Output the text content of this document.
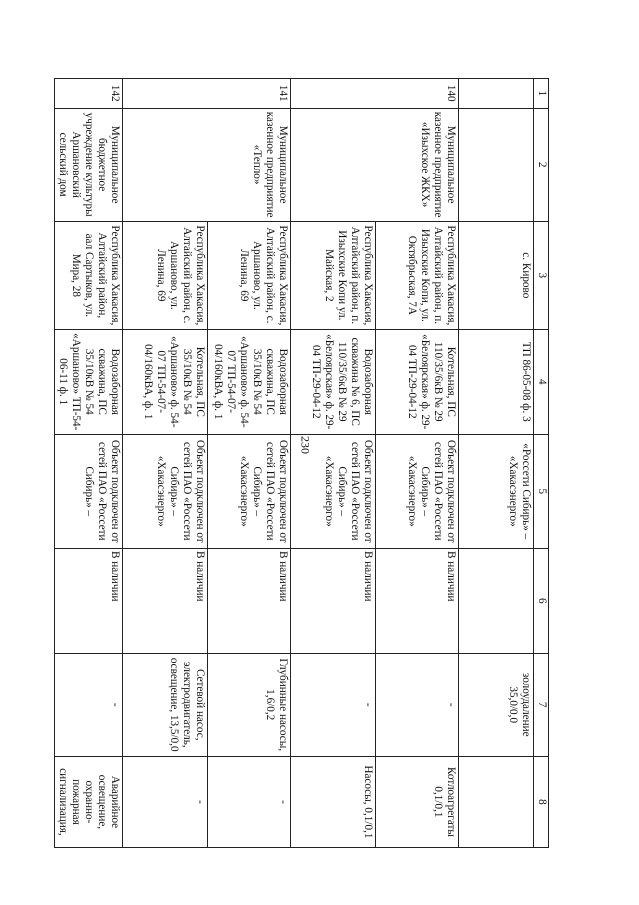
230
1	2	3	4	5	6	7	8
		с. Кирово	ТП 86-05-08 ф. 3	«Россети Сибирь» – «Хакасэнерго»		золоудаление 35,0/0,0	
140	Муниципальное казенное предприятие «Изыхское ЖКХ»	Республика Хакасия, Алтайский район, п. Изыхские Копи, ул. Октябрьская, 7А	Котельная, ПС 110/35/6кВ № 29 «Белоярская» ф. 29-04 ТП-29-04-12	Объект подключен от сетей ПАО «Россети Сибирь» – «Хакасэнерго»	В наличии	-	Котлоагрегаты 0,1/0,1
		Республика Хакасия, Алтайский район, п. Изыхские Копи ул. Майская, 2	Водозаборная скважина № 6, ПС 110/35/6кВ № 29 «Белоярская» ф. 29-04 ТП-29-04-12	Объект подключен от сетей ПАО «Россети Сибирь» – «Хакасэнерго»	В наличии	-	Насосы, 0,1/0,1
141	Муниципальное казенное предприятие «Тепло»	Республика Хакасия, Алтайский район, с. Аршаново, ул. Ленина, 69	Водозаборная скважина, ПС 35/10кВ № 54 «Аршаново» ф. 54-07 ТП-54-07-04/160кВА, ф. 1	Объект подключен от сетей ПАО «Россети Сибирь» – «Хакасэнерго»	В наличии	Глубинные насосы, 1,6/0,2	-
		Республика Хакасия, Алтайский район, с. Аршаново, ул. Ленина, 69	Котельная, ПС 35/10кВ № 54 «Аршаново» ф. 54-07 ТП-54-07-04/160кВА, ф. 1	Объект подключен от сетей ПАО «Россети Сибирь» – «Хакасэнерго»	В наличии	Сетевой насос, электродвигатель, освещение, 13,5/0,0	-
142	Муниципальное бюджетное учреждение культуры Аршановский сельский дом	Республика Хакасия, Алтайский район, аал Сартыков, ул. Мира, 28	Водозаборная скважина, ПС 35/10кВ № 54 «Аршаново» ТП-54-06-11 ф. 1	Объект подключен от сетей ПАО «Россети Сибирь» –	В наличии	-	Аварийное освещение, охранно-пожарная сигнализация,
